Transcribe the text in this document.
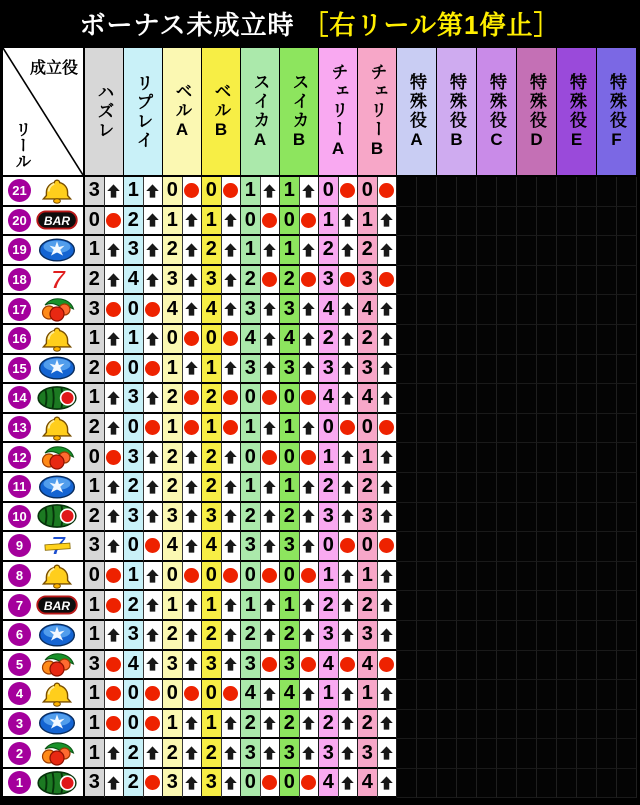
ボーナス未成立時 ［右リール第1停止］
成立役
リール
ハズレ リプレイ ベルA ベルB スイカA スイカB チェリーA チェリーB 特殊役A 特殊役B 特殊役C 特殊役D 特殊役E 特殊役F
21	3 1 0 0 1 1 0 0
20	BAR 0 2 1 1 0 0 1 1
19	1 3 2 2 1 1 2 2
18 7 2 4 3 3 2 2 3 3
17	3 0 4 4 3 3 4 4
16	1 1 0 0 4 4 2 2
15	2 0 1 1 3 3 3 3
14	1 3 2 2 0 0 4 4
13	2 0 1 1 1 1 0 0
12	0 3 2 2 0 0 1 1
11	1 2 2 2 1 1 2 2
10	2 3 3 3 2 2 3 3
9	3 0 4 4 3 3 0 0
8	0 1 0 0 0 0 1 1
7	BAR 1 2 1 1 1 1 2 2
6	1 3 2 2 2 2 3 3
5	3 4 3 3 3 3 4 4
4	1 0 0 0 4 4 1 1
3	1 0 1 1 2 2 2 2
2	1 2 2 2 3 3 3 3
1	3 2 3 3 0 0 4 4
